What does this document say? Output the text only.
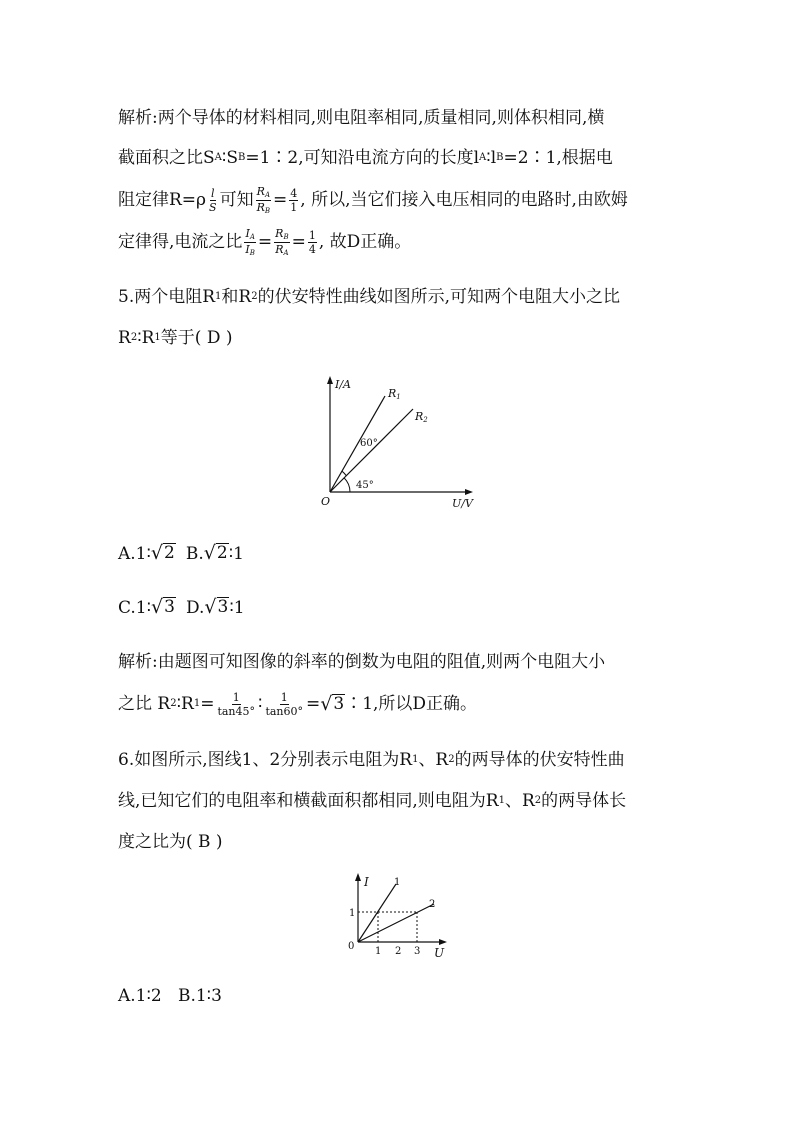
解析:两个导体的材料相同,则电阻率相同,质量相同,则体积相同,横
截面积之比S A ∶S B =1∶2,可知沿电流方向的长度l A ∶l B =2∶1,根据电
阻定律$R=\rho \frac{l}{S}$ 可知 $\frac{R_A}{R_B} = \frac{4}{1}$ , 所以,当它们接入电压相同的电路时,由欧姆
定律得,电流之比 $\frac{I_A}{I_B} = \frac{R_B}{R_A} = \frac{1}{4}$ , 故D正确。
5.两个电阻R 1 和R 2 的伏安特性曲线如图所示,可知两个电阻大小之比
R 2 ∶R 1 等于( D )
I/A
U/V
O
R1
R2
60°
45°
A.1∶ √ 2 B. √ 2 ∶1
C.1∶ √ 3 D. √ 3 ∶1
解析:由题图可知图像的斜率的倒数为电阻的阻值,则两个电阻大小
之比 R 2 ∶R $1 = \frac{1}{\tan 45^\circ}$ ∶ $\frac{1}{\tan 60^\circ}$ = √ 3 ∶1,所以D正确。
6.如图所示,图线1、2分别表示电阻为R 1 、R 2 的两导体的伏安特性曲
线,已知它们的电阻率和横截面积都相同,则电阻为R 1 、R 2 的两导体长
度之比为( B )
I
U
0
1
2
1
1 2 3
A.1∶2   B.1∶3
